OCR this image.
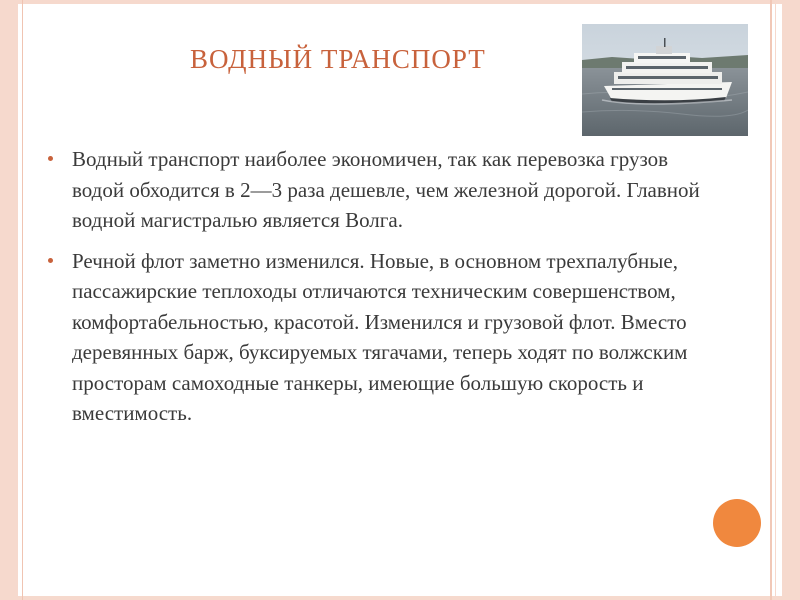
ВОДНЫЙ ТРАНСПОРТ
Водный транспорт наиболее экономичен, так как перевозка грузов водой обходится в 2—3 раза дешевле, чем железной дорогой. Главной водной магистралью является Волга.
Речной флот заметно изменился. Новые, в основном трехпалубные, пассажирские теплоходы отличаются техническим совершенством, комфортабельностью, красотой. Изменился и грузовой флот. Вместо деревянных барж, буксируемых тягачами, теперь ходят по волжским просторам самоходные танкеры, имеющие большую скорость и вместимость.
